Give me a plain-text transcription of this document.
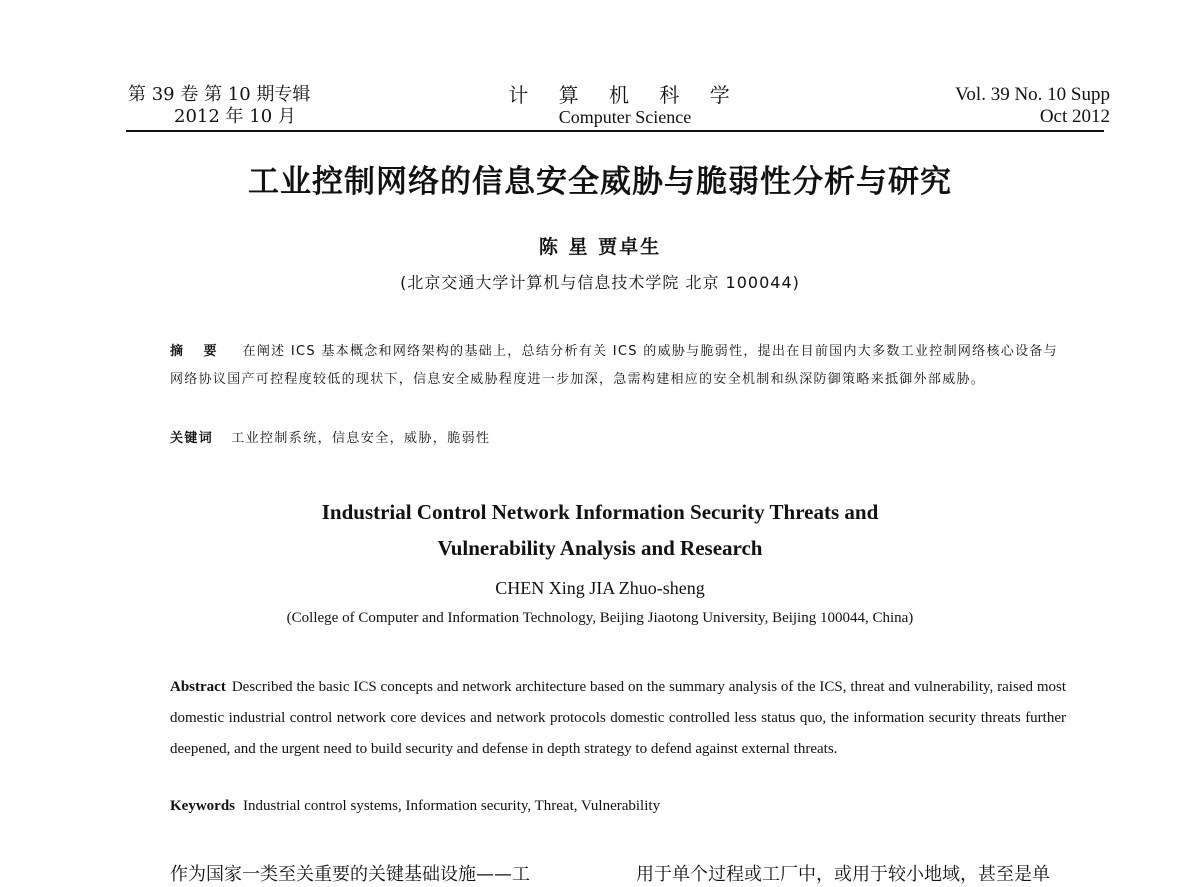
第 39 卷 第 10 期专辑
2012 年 10 月
计 算 机 科 学
Computer Science
Vol. 39 No. 10 Supp
Oct 2012
工业控制网络的信息安全威胁与脆弱性分析与研究
陈 星 贾卓生
(北京交通大学计算机与信息技术学院 北京 100044)
摘 要 在阐述 ICS 基本概念和网络架构的基础上，总结分析有关 ICS 的威胁与脆弱性，提出在目前国内大多数工业控制网络核心设备与网络协议国产可控程度较低的现状下，信息安全威胁程度进一步加深，急需构建相应的安全机制和纵深防御策略来抵御外部威胁。
关键词 工业控制系统，信息安全，威胁，脆弱性
Industrial Control Network Information Security Threats and
Vulnerability Analysis and Research
CHEN Xing JIA Zhuo-sheng
(College of Computer and Information Technology, Beijing Jiaotong University, Beijing 100044, China)
Abstract Described the basic ICS concepts and network architecture based on the summary analysis of the ICS, threat and vulnerability, raised most domestic industrial control network core devices and network protocols domestic controlled less status quo, the information security threats further deepened, and the urgent need to build security and defense in depth strategy to defend against external threats.
Keywords Industrial control systems, Information security, Threat, Vulnerability
作为国家一类至关重要的关键基础设施——工	用于单个过程或工厂中，或用于较小地域，甚至是单
